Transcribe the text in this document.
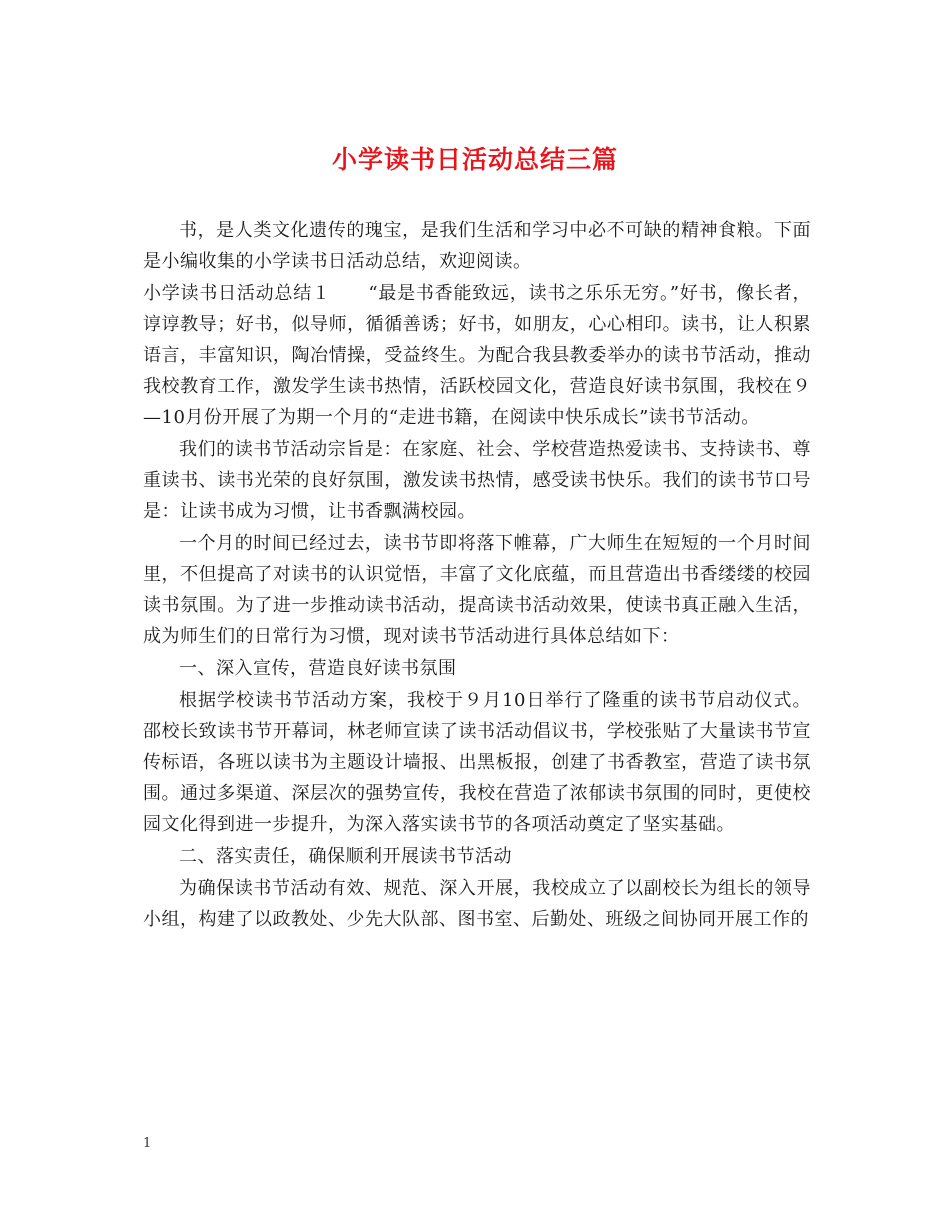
小学读书日活动总结三篇

书，是人类文化遗传的瑰宝，是我们生活和学习中必不可缺的精神食粮。下面是小编收集的小学读书日活动总结，欢迎阅读。

小学读书日活动总结１　　“最是书香能致远，读书之乐乐无穷。”好书，像长者，谆谆教导；好书，似导师，循循善诱；好书，如朋友，心心相印。读书，让人积累语言，丰富知识，陶冶情操，受益终生。为配合我县教委举办的读书节活动，推动我校教育工作，激发学生读书热情，活跃校园文化，营造良好读书氛围，我校在９—10月份开展了为期一个月的“走进书籍，在阅读中快乐成长”读书节活动。

我们的读书节活动宗旨是：在家庭、社会、学校营造热爱读书、支持读书、尊重读书、读书光荣的良好氛围，激发读书热情，感受读书快乐。我们的读书节口号是：让读书成为习惯，让书香飘满校园。

一个月的时间已经过去，读书节即将落下帷幕，广大师生在短短的一个月时间里，不但提高了对读书的认识觉悟，丰富了文化底蕴，而且营造出书香缕缕的校园读书氛围。为了进一步推动读书活动，提高读书活动效果，使读书真正融入生活，成为师生们的日常行为习惯，现对读书节活动进行具体总结如下：

一、深入宣传，营造良好读书氛围

根据学校读书节活动方案，我校于９月10日举行了隆重的读书节启动仪式。邵校长致读书节开幕词，林老师宣读了读书活动倡议书，学校张贴了大量读书节宣传标语，各班以读书为主题设计墙报、出黑板报，创建了书香教室，营造了读书氛围。通过多渠道、深层次的强势宣传，我校在营造了浓郁读书氛围的同时，更使校园文化得到进一步提升，为深入落实读书节的各项活动奠定了坚实基础。

二、落实责任，确保顺利开展读书节活动

为确保读书节活动有效、规范、深入开展，我校成立了以副校长为组长的领导小组，构建了以政教处、少先大队部、图书室、后勤处、班级之间协同开展工作的

1
